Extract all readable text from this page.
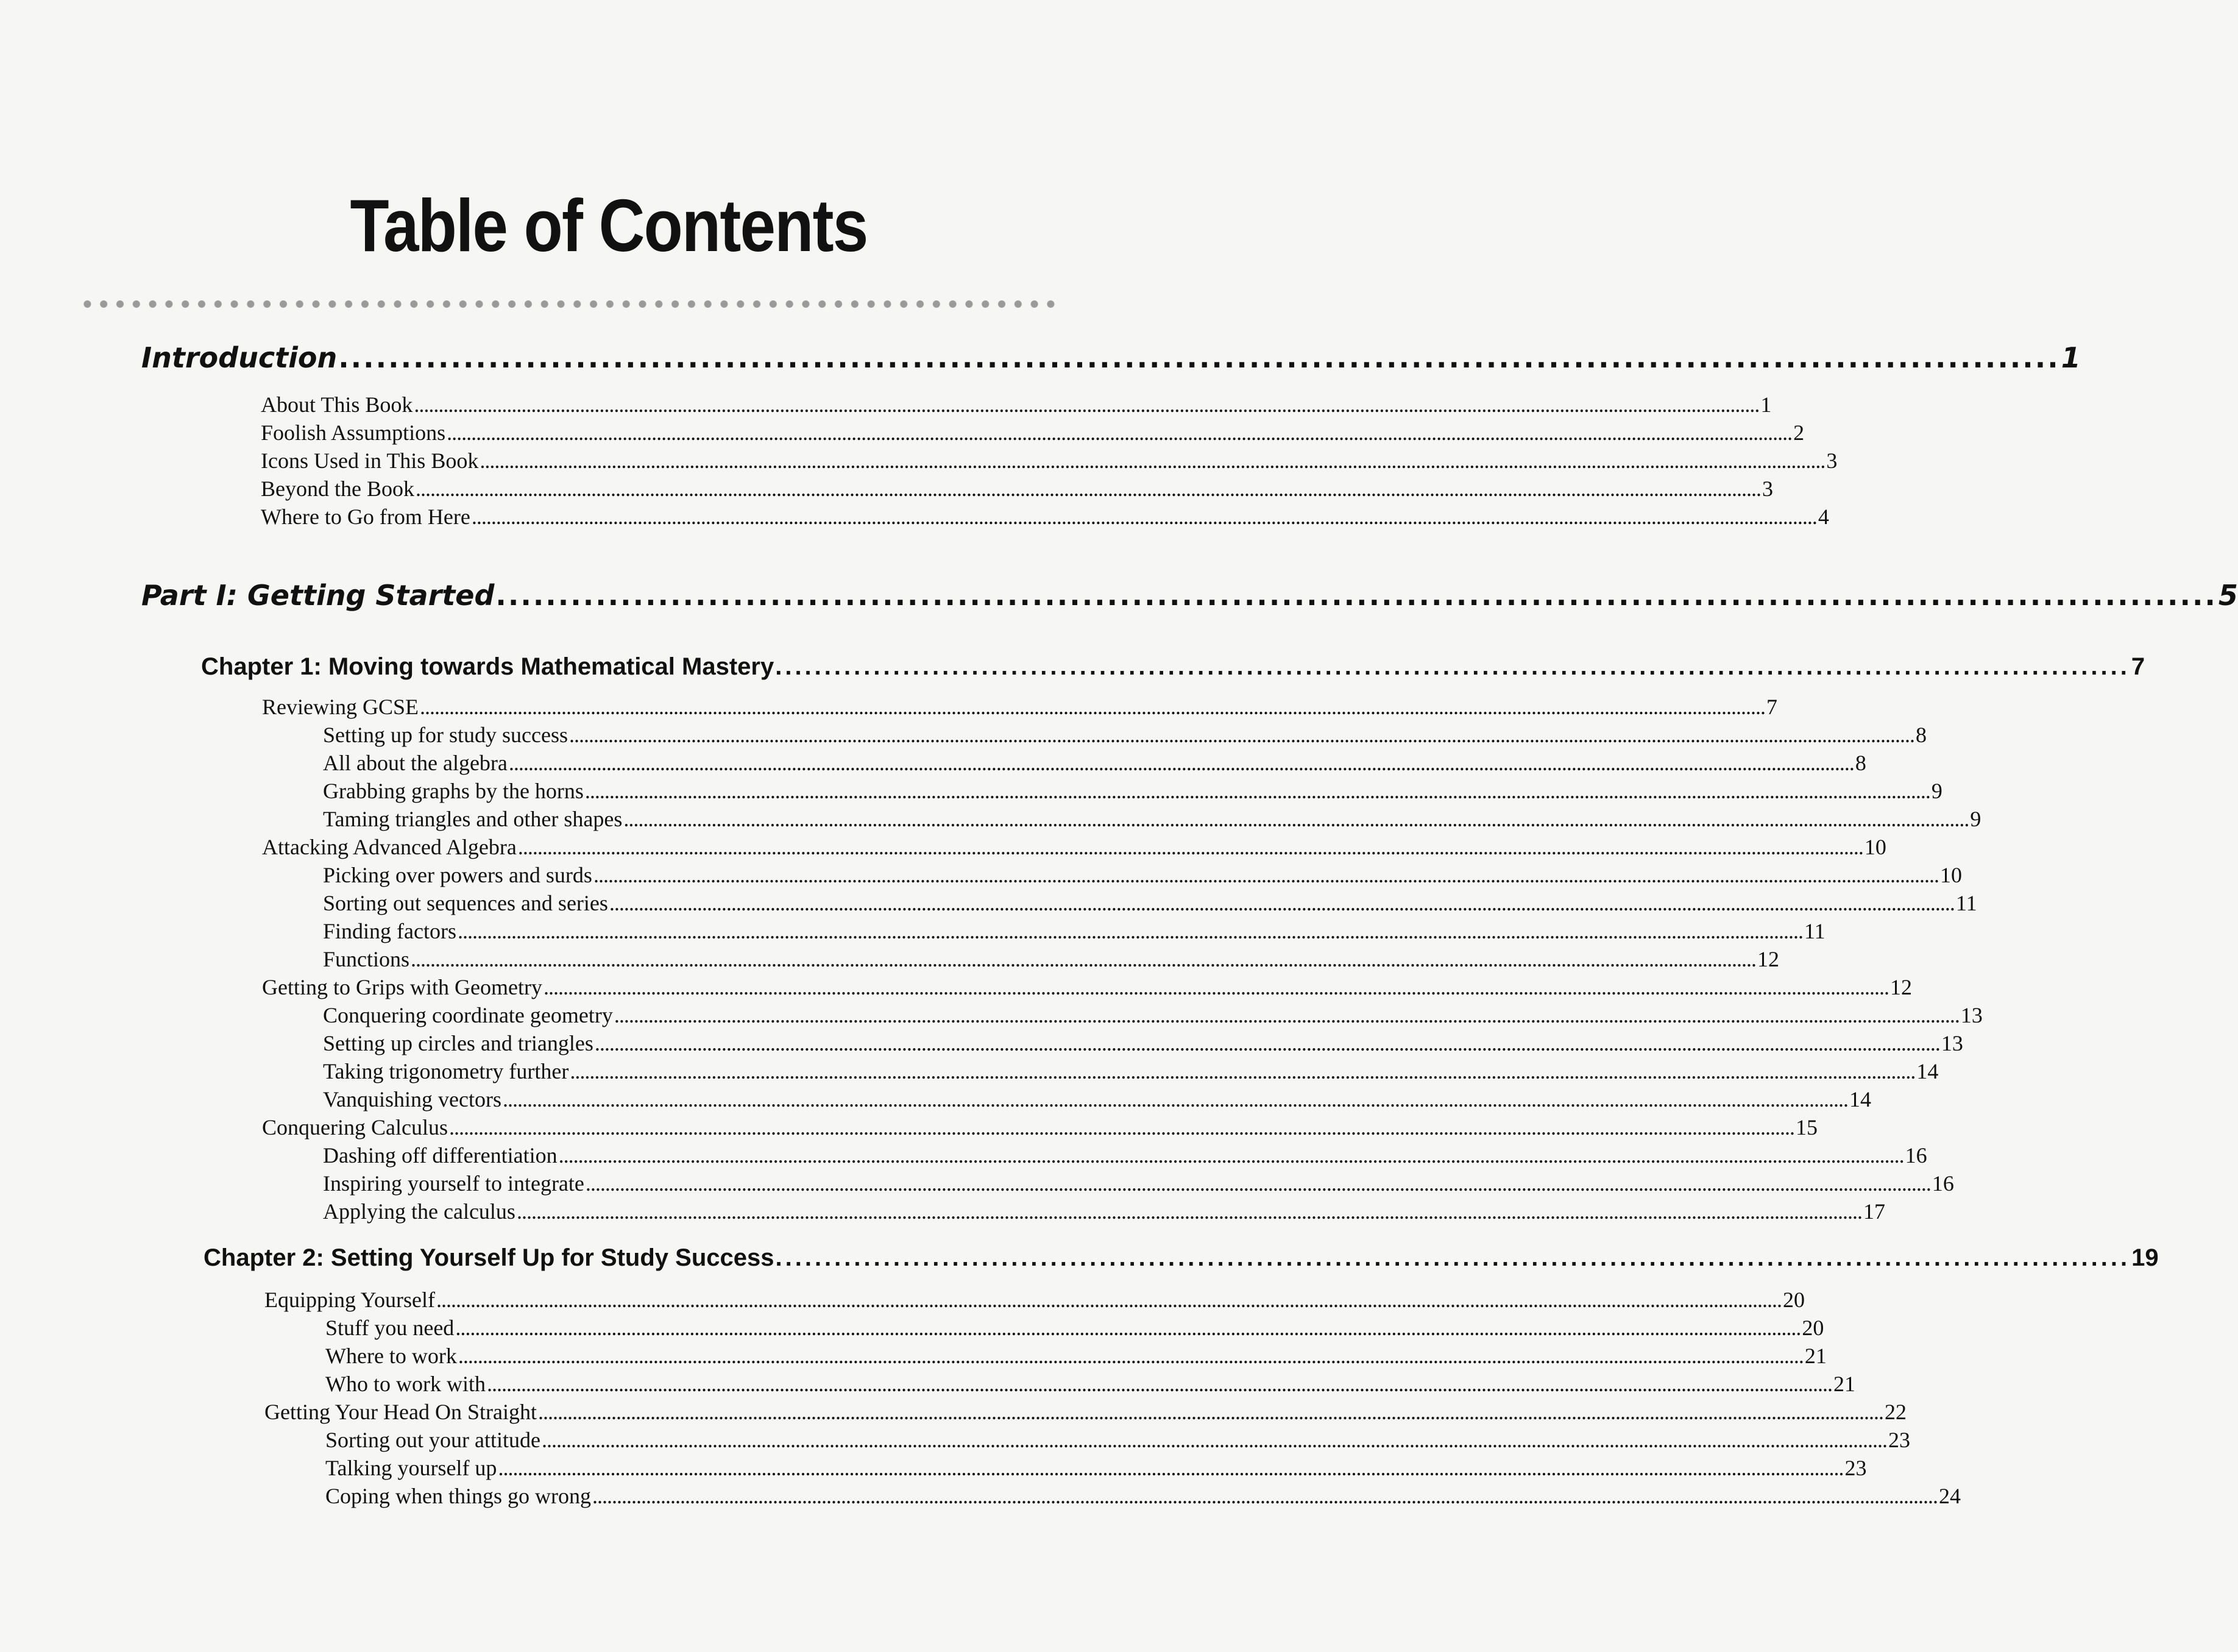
Table of Contents
Introduction .......................................................................................................................................... 1
About This Book .................................................................................................................................................................................................................................................................................... 1
Foolish Assumptions .................................................................................................................................................................................................................................................................................... 2
Icons Used in This Book .................................................................................................................................................................................................................................................................................... 3
Beyond the Book .................................................................................................................................................................................................................................................................................... 3
Where to Go from Here .................................................................................................................................................................................................................................................................................... 4
Part I: Getting Started .......................................................................................................................................... 5
Chapter 1: Moving towards Mathematical Mastery .......................................................................................................................................... 7
Reviewing GCSE .................................................................................................................................................................................................................................................................................... 7
Setting up for study success .................................................................................................................................................................................................................................................................................... 8
All about the algebra .................................................................................................................................................................................................................................................................................... 8
Grabbing graphs by the horns .................................................................................................................................................................................................................................................................................... 9
Taming triangles and other shapes .................................................................................................................................................................................................................................................................................... 9
Attacking Advanced Algebra .................................................................................................................................................................................................................................................................................... 10
Picking over powers and surds .................................................................................................................................................................................................................................................................................... 10
Sorting out sequences and series .................................................................................................................................................................................................................................................................................... 11
Finding factors .................................................................................................................................................................................................................................................................................... 11
Functions .................................................................................................................................................................................................................................................................................... 12
Getting to Grips with Geometry .................................................................................................................................................................................................................................................................................... 12
Conquering coordinate geometry .................................................................................................................................................................................................................................................................................... 13
Setting up circles and triangles .................................................................................................................................................................................................................................................................................... 13
Taking trigonometry further .................................................................................................................................................................................................................................................................................... 14
Vanquishing vectors .................................................................................................................................................................................................................................................................................... 14
Conquering Calculus .................................................................................................................................................................................................................................................................................... 15
Dashing off differentiation .................................................................................................................................................................................................................................................................................... 16
Inspiring yourself to integrate .................................................................................................................................................................................................................................................................................... 16
Applying the calculus .................................................................................................................................................................................................................................................................................... 17
Chapter 2: Setting Yourself Up for Study Success .......................................................................................................................................... 19
Equipping Yourself .................................................................................................................................................................................................................................................................................... 20
Stuff you need .................................................................................................................................................................................................................................................................................... 20
Where to work .................................................................................................................................................................................................................................................................................... 21
Who to work with .................................................................................................................................................................................................................................................................................... 21
Getting Your Head On Straight .................................................................................................................................................................................................................................................................................... 22
Sorting out your attitude .................................................................................................................................................................................................................................................................................... 23
Talking yourself up .................................................................................................................................................................................................................................................................................... 23
Coping when things go wrong .................................................................................................................................................................................................................................................................................... 24
